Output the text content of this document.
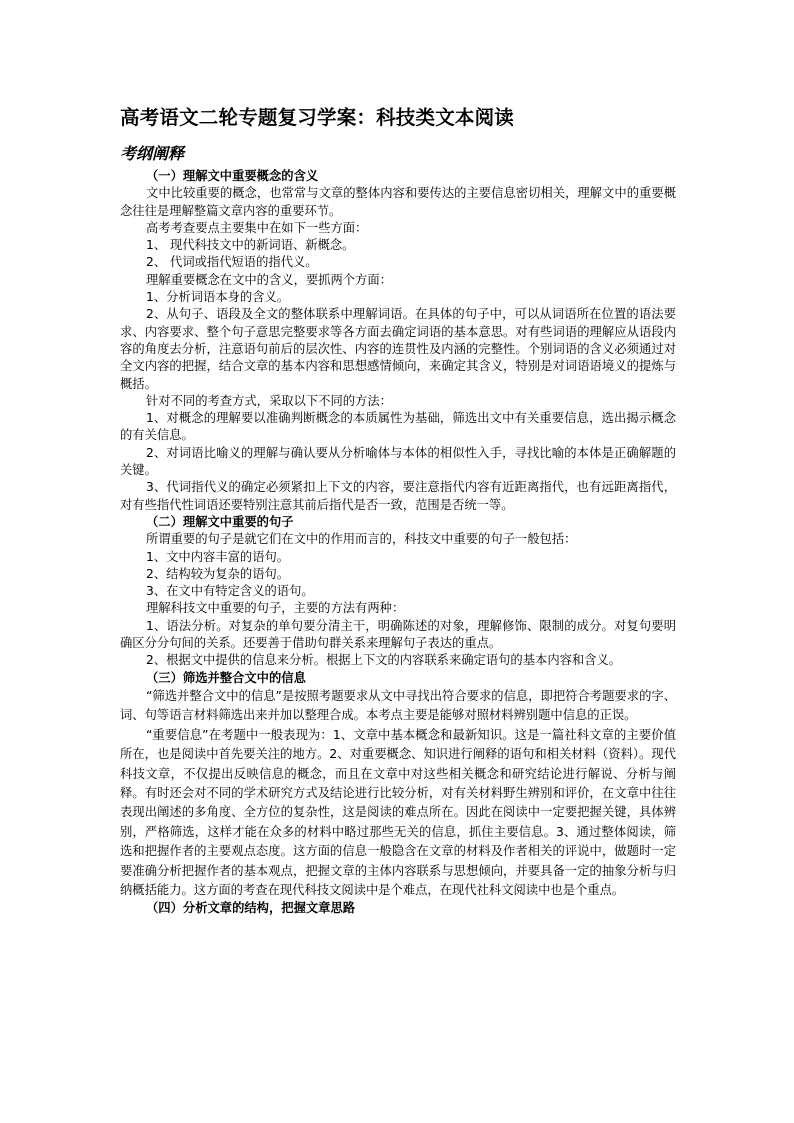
高考语文二轮专题复习学案：科技类文本阅读
考纲阐释

（一）理解文中重要概念的含义

文中比较重要的概念，也常常与文章的整体内容和要传达的主要信息密切相关，理解文中的重要概念往往是理解整篇文章内容的重要环节。

高考考查要点主要集中在如下一些方面：

1、 现代科技文中的新词语、新概念。

2、 代词或指代短语的指代义。

理解重要概念在文中的含义，要抓两个方面：

1、分析词语本身的含义。

2、从句子、语段及全文的整体联系中理解词语。在具体的句子中，可以从词语所在位置的语法要求、内容要求、整个句子意思完整要求等各方面去确定词语的基本意思。对有些词语的理解应从语段内容的角度去分析，注意语句前后的层次性、内容的连贯性及内涵的完整性。个别词语的含义必须通过对全文内容的把握，结合文章的基本内容和思想感情倾向，来确定其含义，特别是对词语语境义的提炼与概括。

针对不同的考查方式，采取以下不同的方法：

1、对概念的理解要以准确判断概念的本质属性为基础，筛选出文中有关重要信息，选出揭示概念的有关信息。

2、对词语比喻义的理解与确认要从分析喻体与本体的相似性入手，寻找比喻的本体是正确解题的关键。

3、代词指代义的确定必须紧扣上下文的内容，要注意指代内容有近距离指代，也有远距离指代，对有些指代性词语还要特别注意其前后指代是否一致，范围是否统一等。

（二）理解文中重要的句子

所谓重要的句子是就它们在文中的作用而言的，科技文中重要的句子一般包括：

1、文中内容丰富的语句。

2、结构较为复杂的语句。

3、在文中有特定含义的语句。

理解科技文中重要的句子，主要的方法有两种：

1、语法分析。对复杂的单句要分清主干，明确陈述的对象，理解修饰、限制的成分。对复句要明确区分分句间的关系。还要善于借助句群关系来理解句子表达的重点。

2、根据文中提供的信息来分析。根据上下文的内容联系来确定语句的基本内容和含义。

（三）筛选并整合文中的信息

“筛选并整合文中的信息”是按照考题要求从文中寻找出符合要求的信息，即把符合考题要求的字、词、句等语言材料筛选出来并加以整理合成。本考点主要是能够对照材料辨别题中信息的正误。

“重要信息”在考题中一般表现为：1、文章中基本概念和最新知识。这是一篇社科文章的主要价值所在，也是阅读中首先要关注的地方。2、对重要概念、知识进行阐释的语句和相关材料（资料）。现代科技文章，不仅提出反映信息的概念，而且在文章中对这些相关概念和研究结论进行解说、分析与阐释。有时还会对不同的学术研究方式及结论进行比较分析，对有关材料野生辨别和评价，在文章中往往表现出阐述的多角度、全方位的复杂性，这是阅读的难点所在。因此在阅读中一定要把握关键，具体辨别，严格筛选，这样才能在众多的材料中略过那些无关的信息，抓住主要信息。3、通过整体阅读，筛选和把握作者的主要观点态度。这方面的信息一般隐含在文章的材料及作者相关的评说中，做题时一定要准确分析把握作者的基本观点，把握文章的主体内容联系与思想倾向，并要具备一定的抽象分析与归纳概括能力。这方面的考查在现代科技文阅读中是个难点，在现代社科文阅读中也是个重点。

（四）分析文章的结构，把握文章思路
